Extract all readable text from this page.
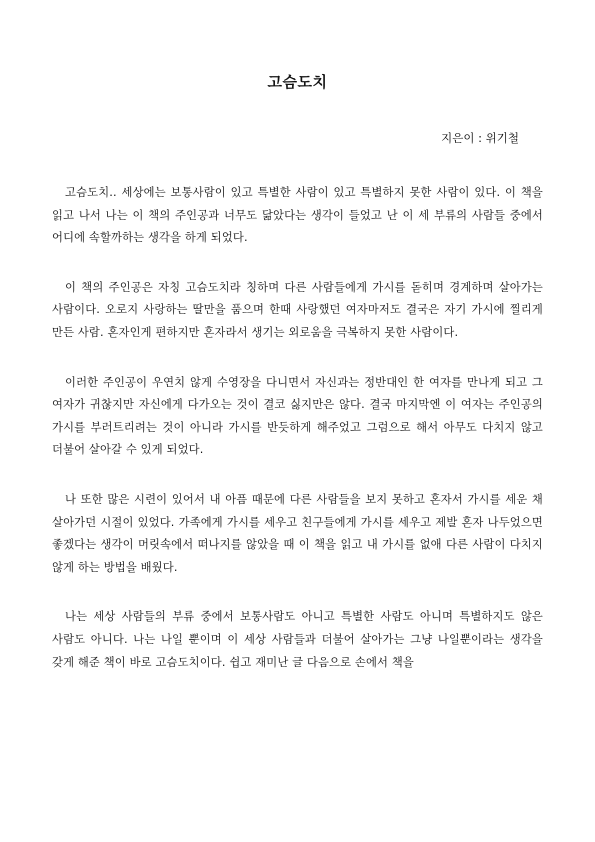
고슴도치

지은이 : 위기철

고슴도치.. 세상에는 보통사람이 있고 특별한 사람이 있고 특별하지 못한 사람이 있다. 이 책을 읽고 나서 나는 이 책의 주인공과 너무도 닮았다는 생각이 들었고 난 이 세 부류의 사람들 중에서 어디에 속할까하는 생각을 하게 되었다.

이 책의 주인공은 자칭 고슴도치라 칭하며 다른 사람들에게 가시를 돋히며 경계하며 살아가는 사람이다. 오로지 사랑하는 딸만을 품으며 한때 사랑했던 여자마저도 결국은 자기 가시에 찔리게 만든 사람. 혼자인게 편하지만 혼자라서 생기는 외로움을 극복하지 못한 사람이다.

이러한 주인공이 우연치 않게 수영장을 다니면서 자신과는 정반대인 한 여자를 만나게 되고 그 여자가 귀찮지만 자신에게 다가오는 것이 결코 싫지만은 않다. 결국 마지막엔 이 여자는 주인공의 가시를 부러트리려는 것이 아니라 가시를 반듯하게 해주었고 그럼으로 해서 아무도 다치지 않고 더불어 살아갈 수 있게 되었다.

나 또한 많은 시련이 있어서 내 아픔 때문에 다른 사람들을 보지 못하고 혼자서 가시를 세운 채 살아가던 시절이 있었다. 가족에게 가시를 세우고 친구들에게 가시를 세우고 제발 혼자 나두었으면 좋겠다는 생각이 머릿속에서 떠나지를 않았을 때 이 책을 읽고 내 가시를 없애 다른 사람이 다치지 않게 하는 방법을 배웠다.

나는 세상 사람들의 부류 중에서 보통사람도 아니고 특별한 사람도 아니며 특별하지도 않은 사람도 아니다. 나는 나일 뿐이며 이 세상 사람들과 더불어 살아가는 그냥 나일뿐이라는 생각을 갖게 해준 책이 바로 고슴도치이다. 쉽고 재미난 글 다음으로 손에서 책을
